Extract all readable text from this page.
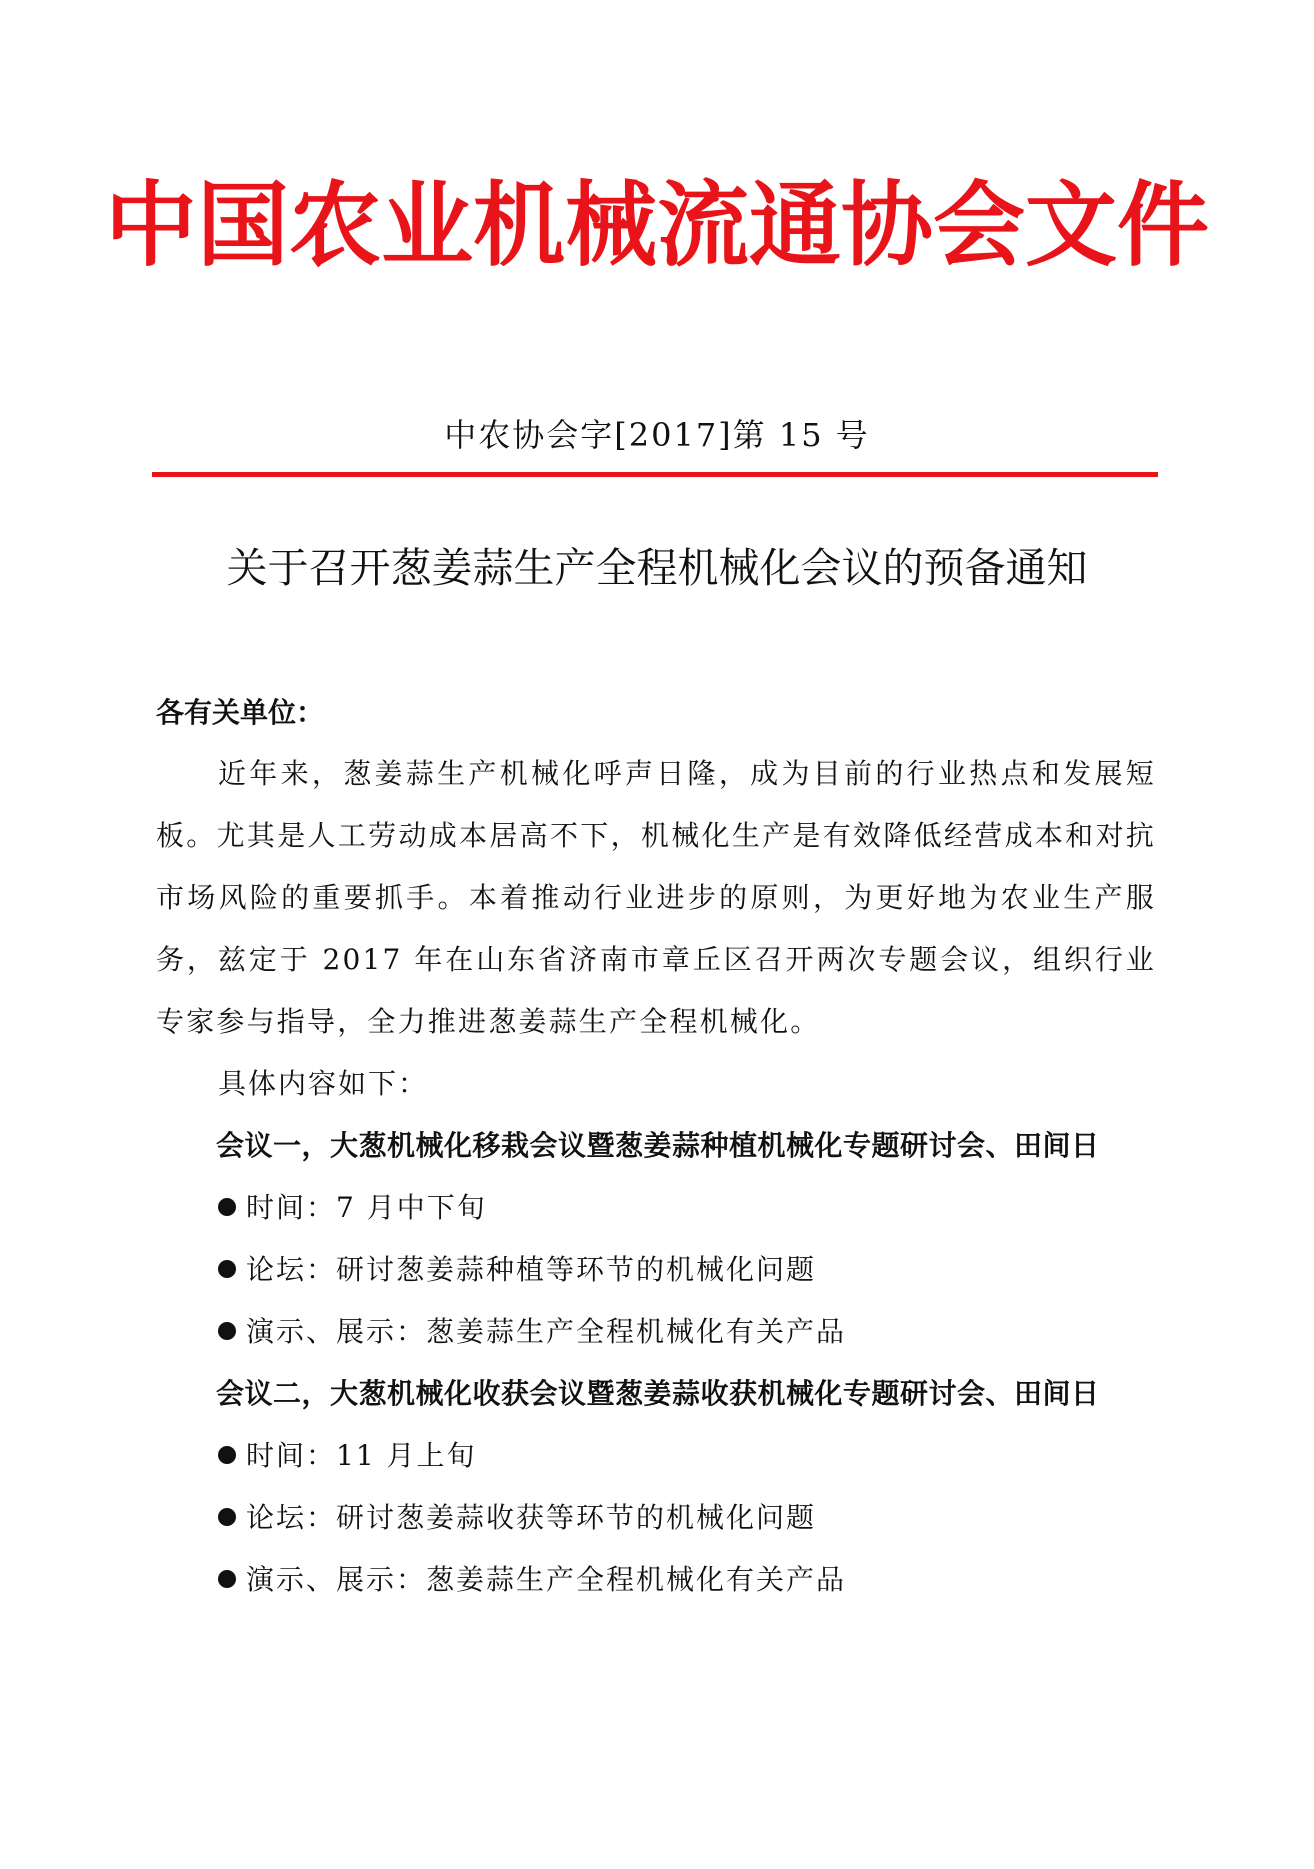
中国农业机械流通协会文件
中农协会字[2017]第 15 号
关于召开葱姜蒜生产全程机械化会议的预备通知

各有关单位：

近年来，葱姜蒜生产机械化呼声日隆，成为目前的行业热点和发展短板。尤其是人工劳动成本居高不下，机械化生产是有效降低经营成本和对抗市场风险的重要抓手。本着推动行业进步的原则，为更好地为农业生产服务，兹定于 2017 年在山东省济南市章丘区召开两次专题会议，组织行业专家参与指导，全力推进葱姜蒜生产全程机械化。

具体内容如下：

会议一，大葱机械化移栽会议暨葱姜蒜种植机械化专题研讨会、田间日

时间：7 月中下旬

论坛：研讨葱姜蒜种植等环节的机械化问题

演示、展示：葱姜蒜生产全程机械化有关产品

会议二，大葱机械化收获会议暨葱姜蒜收获机械化专题研讨会、田间日

时间：11 月上旬

论坛：研讨葱姜蒜收获等环节的机械化问题

演示、展示：葱姜蒜生产全程机械化有关产品
